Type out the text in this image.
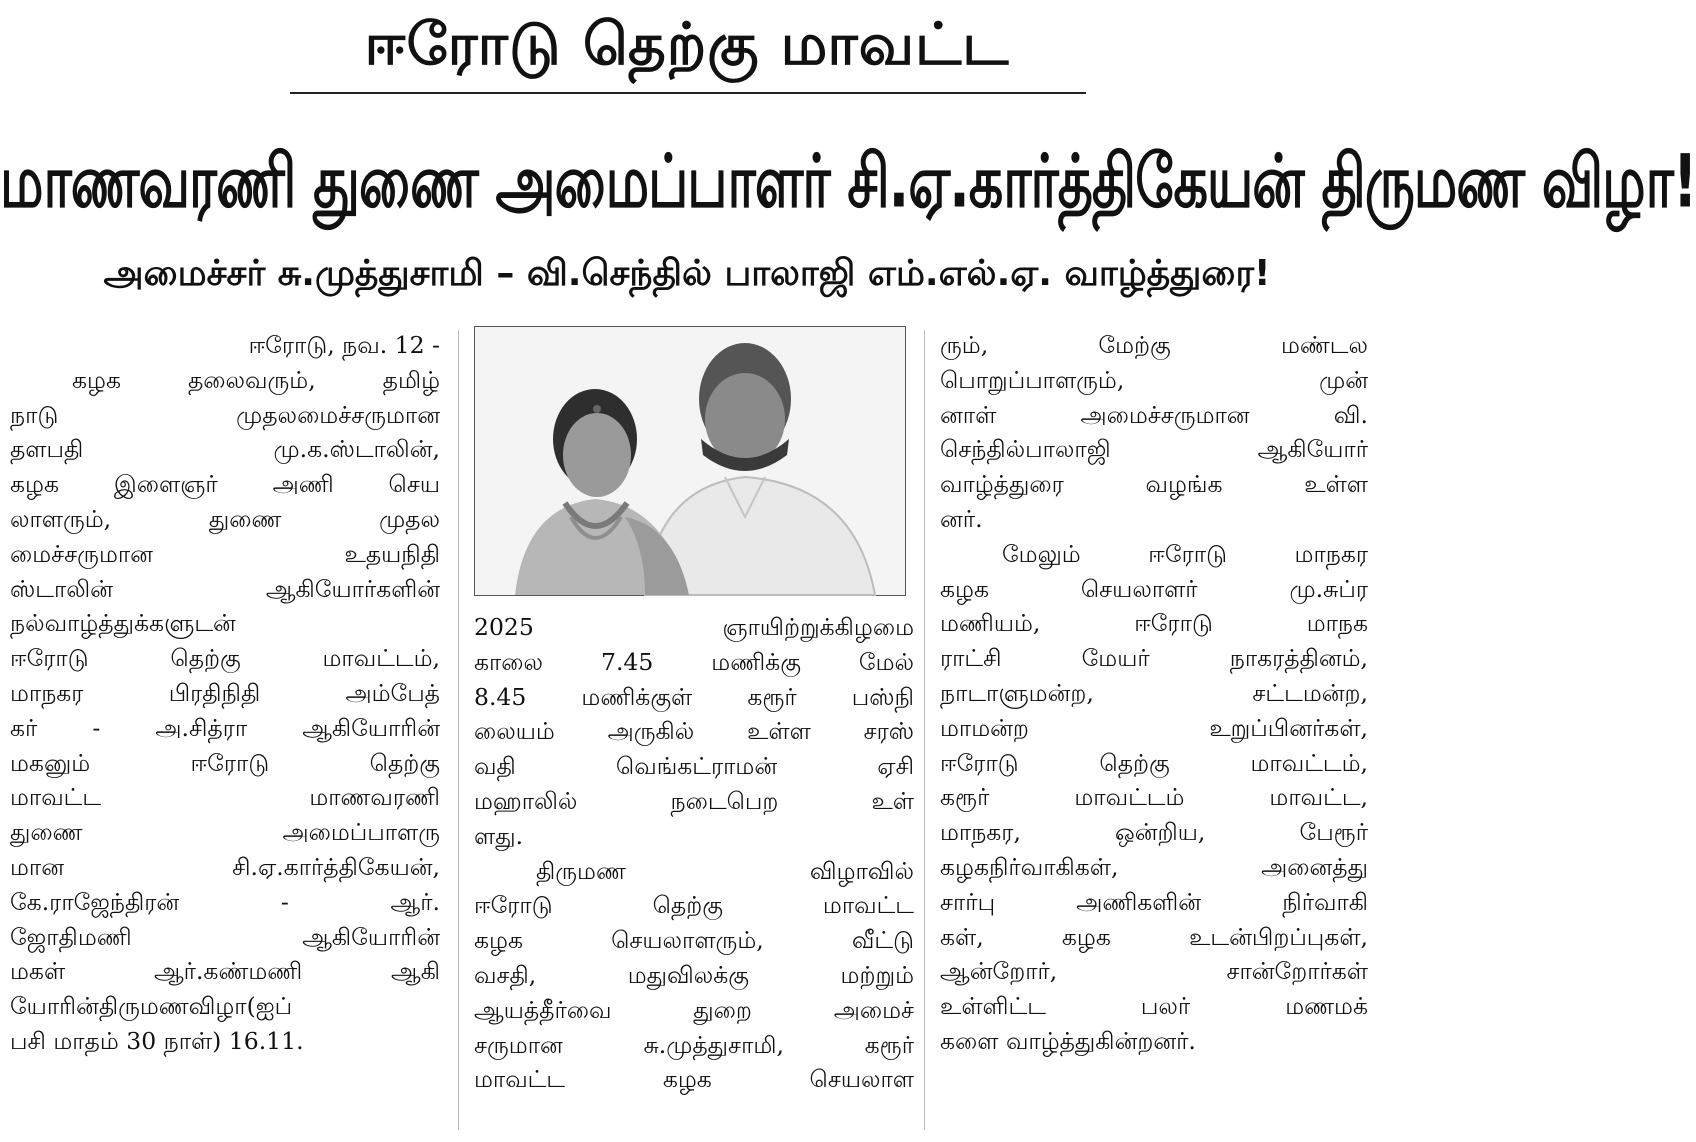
ஈரோடு தெற்கு மாவட்ட
மாணவரணி துணை அமைப்பாளர் சி.ஏ.கார்த்திகேயன் திருமண விழா!
அமைச்சர் சு.முத்துசாமி – வி.செந்தில் பாலாஜி எம்.எல்.ஏ. வாழ்த்துரை!
ஈரோடு, நவ. 12 -
கழக தலைவரும், தமிழ்
நாடு முதலமைச்சருமான
தளபதி மு.க.ஸ்டாலின்,
கழக இளைஞர் அணி செய
லாளரும், துணை முதல
மைச்சருமான உதயநிதி
ஸ்டாலின் ஆகியோர்களின்
நல்வாழ்த்துக்களுடன்
ஈரோடு தெற்கு மாவட்டம்,
மாநகர பிரதிநிதி அம்பேத்
கர் - அ.சித்ரா ஆகியோரின்
மகனும் ஈரோடு தெற்கு
மாவட்ட மாணவரணி
துணை அமைப்பாளரு
மான சி.ஏ.கார்த்திகேயன்,
கே.ராஜேந்திரன் - ஆர்.
ஜோதிமணி ஆகியோரின்
மகள் ஆர்.கண்மணி ஆகி
யோரின்திருமணவிழா(ஐப்
பசி மாதம் 30 நாள்) 16.11.
2025 ஞாயிற்றுக்கிழமை
காலை 7.45 மணிக்கு மேல்
8.45 மணிக்குள் கரூர் பஸ்நி
லையம் அருகில் உள்ள சரஸ்
வதி வெங்கட்ராமன் ஏசி
மஹாலில் நடைபெற உள்
ளது.
திருமண விழாவில்
ஈரோடு தெற்கு மாவட்ட
கழக செயலாளரும், வீட்டு
வசதி, மதுவிலக்கு மற்றும்
ஆயத்தீர்வை துறை அமைச்
சருமான சு.முத்துசாமி, கரூர்
மாவட்ட கழக செயலாள
ரும், மேற்கு மண்டல
பொறுப்பாளரும், முன்
னாள் அமைச்சருமான வி.
செந்தில்பாலாஜி ஆகியோர்
வாழ்த்துரை வழங்க உள்ள
னர்.
மேலும் ஈரோடு மாநகர
கழக செயலாளர் மு.சுப்ர
மணியம், ஈரோடு மாநக
ராட்சி மேயர் நாகரத்தினம்,
நாடாளுமன்ற, சட்டமன்ற,
மாமன்ற உறுப்பினர்கள்,
ஈரோடு தெற்கு மாவட்டம்,
கரூர் மாவட்டம் மாவட்ட,
மாநகர, ஒன்றிய, பேரூர்
கழகநிர்வாகிகள், அனைத்து
சார்பு அணிகளின் நிர்வாகி
கள், கழக உடன்பிறப்புகள்,
ஆன்றோர், சான்றோர்கள்
உள்ளிட்ட பலர் மணமக்
களை வாழ்த்துகின்றனர்.
